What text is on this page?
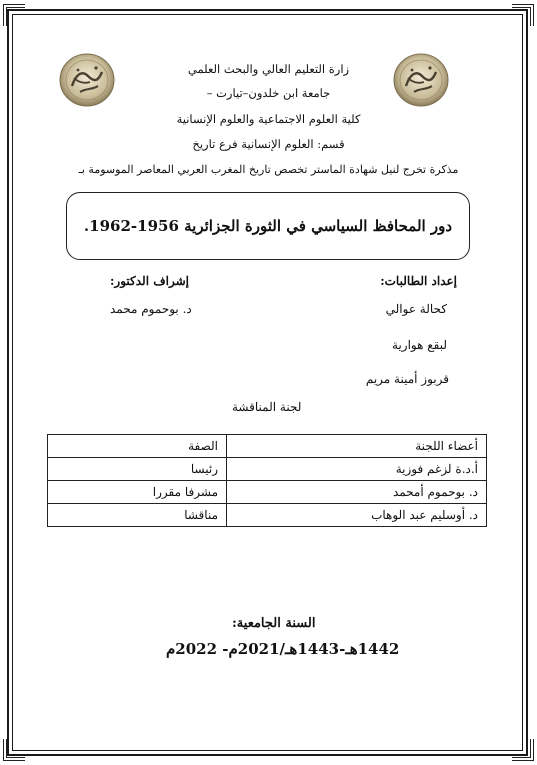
زارة التعليم العالي والبحث العلمي
جامعة ابن خلدون–تيارت –
كلية العلوم الاجتماعية والعلوم الإنسانية
قسم: العلوم الإنسانية فرع تاريخ
مذكرة تخرج لنيل شهادة الماستر تخصص تاريخ المغرب العربي المعاصر الموسومة بـ
دور المحافظ السياسي في الثورة الجزائرية 1956-1962.
إعداد الطالبات:
إشراف الدكتور:
كحالة عوالي
د. بوحموم محمد
لبقع هوارية
قربوز أمينة مريم
لجنة المناقشة
أعضاء اللجنة	الصفة
أ.د.ة لزغم فوزية	رئيسا
د. بوحموم أمحمد	مشرفا مقررا
د. أوسليم عبد الوهاب	مناقشا
السنة الجامعية:
1442هـ-1443هـ/2021م- 2022م
